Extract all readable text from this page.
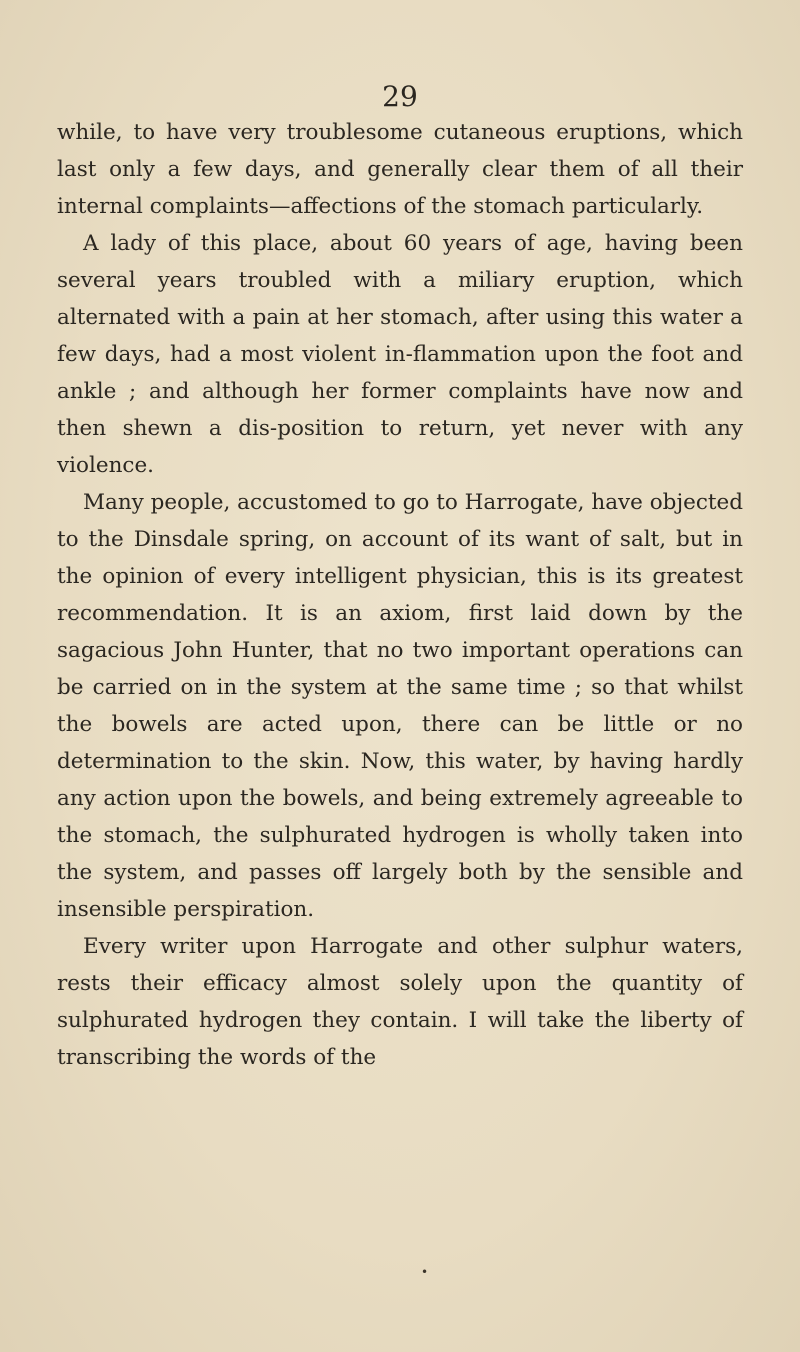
29

while, to have very troublesome cutaneous eruptions, which last only a few days, and generally clear them of all their internal complaints—affections of the stomach particularly.

A lady of this place, about 60 years of age, having been several years troubled with a miliary eruption, which alternated with a pain at her stomach, after using this water a few days, had a most violent in-flammation upon the foot and ankle ; and although her former complaints have now and then shewn a dis-position to return, yet never with any violence.

Many people, accustomed to go to Harrogate, have objected to the Dinsdale spring, on account of its want of salt, but in the opinion of every intelligent physician, this is its greatest recommendation. It is an axiom, first laid down by the sagacious John Hunter, that no two important operations can be carried on in the system at the same time ; so that whilst the bowels are acted upon, there can be little or no determination to the skin. Now, this water, by having hardly any action upon the bowels, and being extremely agreeable to the stomach, the sulphurated hydrogen is wholly taken into the system, and passes off largely both by the sensible and insensible perspiration.

Every writer upon Harrogate and other sulphur waters, rests their efficacy almost solely upon the quantity of sulphurated hydrogen they contain. I will take the liberty of transcribing the words of the

•
